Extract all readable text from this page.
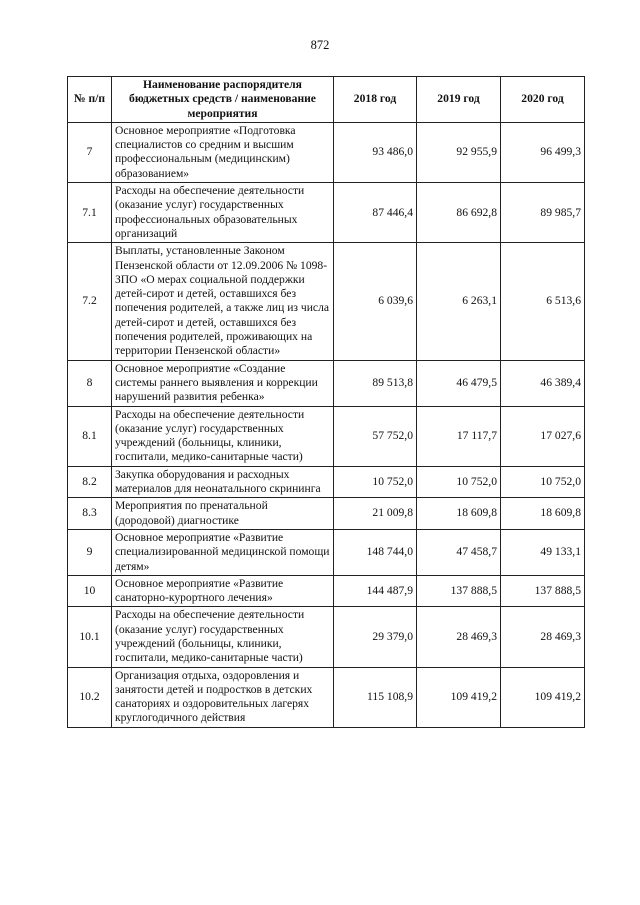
872
№ п/п	Наименование распорядителя бюджетных средств / наименование мероприятия	2018 год	2019 год	2020 год
7	Основное мероприятие «Подготовка специалистов со средним и высшим профессиональным (медицинским) образованием»	93 486,0	92 955,9	96 499,3
7.1	Расходы на обеспечение деятельности (оказание услуг) государственных профессиональных образовательных организаций	87 446,4	86 692,8	89 985,7
7.2	Выплаты, установленные Законом Пензенской области от 12.09.2006 № 1098-ЗПО «О мерах социальной поддержки детей-сирот и детей, оставшихся без попечения родителей, а также лиц из числа детей-сирот и детей, оставшихся без попечения родителей, проживающих на территории Пензенской области»	6 039,6	6 263,1	6 513,6
8	Основное мероприятие «Создание системы раннего выявления и коррекции нарушений развития ребенка»	89 513,8	46 479,5	46 389,4
8.1	Расходы на обеспечение деятельности (оказание услуг) государственных учреждений (больницы, клиники, госпитали, медико-санитарные части)	57 752,0	17 117,7	17 027,6
8.2	Закупка оборудования и расходных материалов для неонатального скрининга	10 752,0	10 752,0	10 752,0
8.3	Мероприятия по пренатальной (дородовой) диагностике	21 009,8	18 609,8	18 609,8
9	Основное мероприятие «Развитие специализированной медицинской помощи детям»	148 744,0	47 458,7	49 133,1
10	Основное мероприятие «Развитие санаторно-курортного лечения»	144 487,9	137 888,5	137 888,5
10.1	Расходы на обеспечение деятельности (оказание услуг) государственных учреждений (больницы, клиники, госпитали, медико-санитарные части)	29 379,0	28 469,3	28 469,3
10.2	Организация отдыха, оздоровления и занятости детей и подростков в детских санаториях и оздоровительных лагерях круглогодичного действия	115 108,9	109 419,2	109 419,2
